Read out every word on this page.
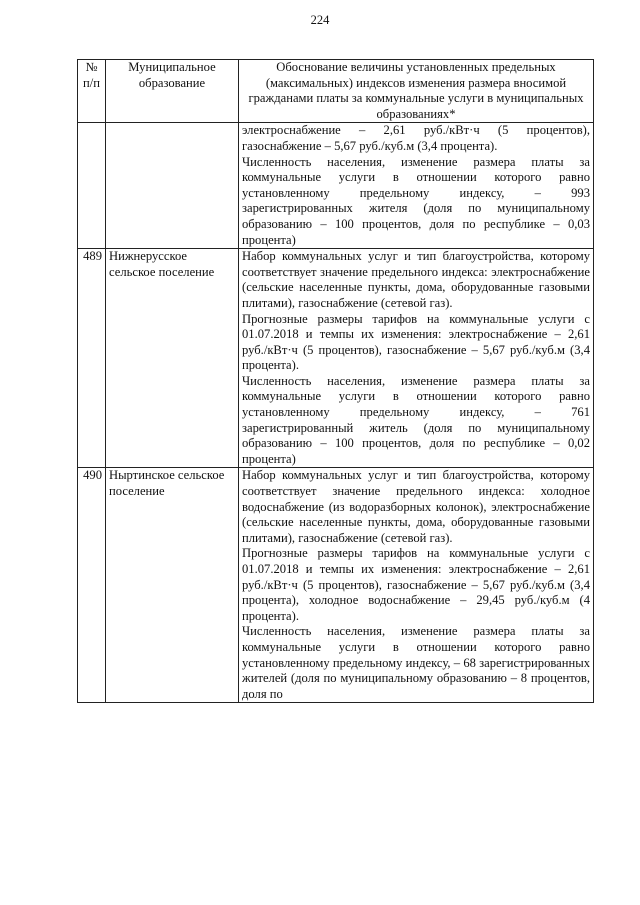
224
№ п/п	Муниципальное образование	Обоснование величины установленных предельных (максимальных) индексов изменения размера вносимой гражданами платы за коммунальные услуги в муниципальных образованиях*

		электроснабжение – 2,61 руб./кВт·ч (5 процентов), газоснабжение – 5,67 руб./куб.м (3,4 процента).

Численность населения, изменение размера платы за коммунальные услуги в отношении которого равно установленному предельному индексу, – 993 зарегистрированных жителя (доля по муниципальному образованию – 100 процентов, доля по республике – 0,03 процента)

489	Нижнерусское сельское поселение	Набор коммунальных услуг и тип благоустройства, которому соответствует значение предельного индекса: электроснабжение (сельские населенные пункты, дома, оборудованные газовыми плитами), газоснабжение (сетевой газ).

Прогнозные размеры тарифов на коммунальные услуги с 01.07.2018 и темпы их изменения: электроснабжение – 2,61 руб./кВт·ч (5 процентов), газоснабжение – 5,67 руб./куб.м (3,4 процента).

Численность населения, изменение размера платы за коммунальные услуги в отношении которого равно установленному предельному индексу, – 761 зарегистрированный житель (доля по муниципальному образованию – 100 процентов, доля по республике – 0,02 процента)

490	Ныртинское сельское поселение	Набор коммунальных услуг и тип благоустройства, которому соответствует значение предельного индекса: холодное водоснабжение (из водоразборных колонок), электроснабжение (сельские населенные пункты, дома, оборудованные газовыми плитами), газоснабжение (сетевой газ).

Прогнозные размеры тарифов на коммунальные услуги с 01.07.2018 и темпы их изменения: электроснабжение – 2,61 руб./кВт·ч (5 процентов), газоснабжение – 5,67 руб./куб.м (3,4 процента), холодное водоснабжение – 29,45 руб./куб.м (4 процента).

Численность населения, изменение размера платы за коммунальные услуги в отношении которого равно установленному предельному индексу, – 68 зарегистрированных жителей (доля по муниципальному образованию – 8 процентов, доля по
